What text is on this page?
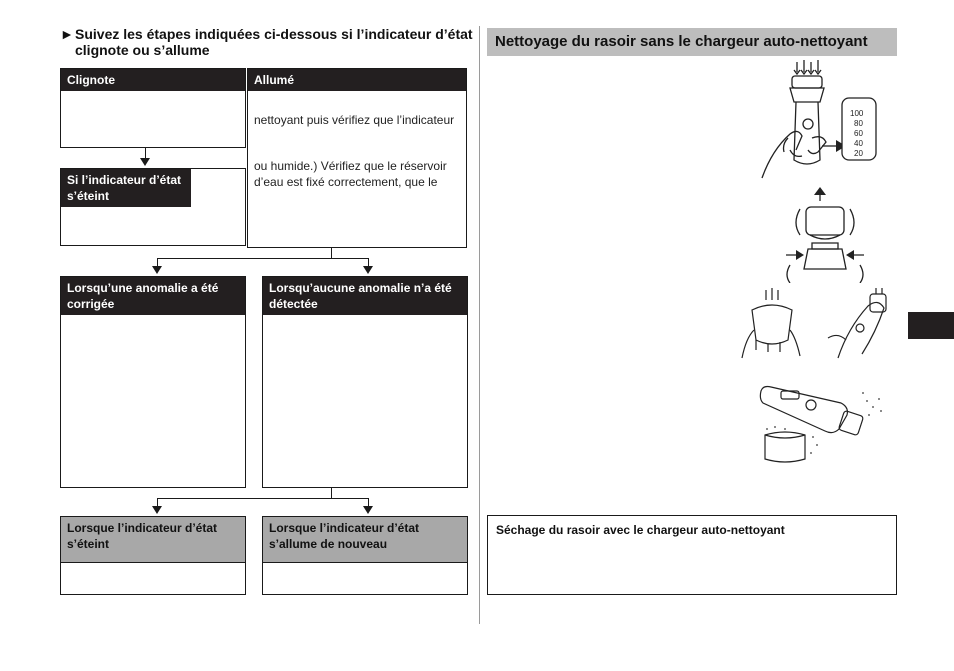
► Suivez les étapes indiquées ci-dessous si l’indicateur d’état clignote ou s’allume
Clignote	Allumé
nettoyant puis vérifiez que l’indicateur
ou humide.) Vérifiez que le réservoir d’eau est fixé correctement, que le
Si l’indicateur d’état s’éteint
Lorsqu’une anomalie a été corrigée
Lorsqu’aucune anomalie n’a été détectée
Lorsque l’indicateur d’état s’éteint
Lorsque l’indicateur d’état s’allume de nouveau
Nettoyage du rasoir sans le chargeur auto-nettoyant
100
80
60
40
20
Séchage du rasoir avec le chargeur auto-nettoyant
